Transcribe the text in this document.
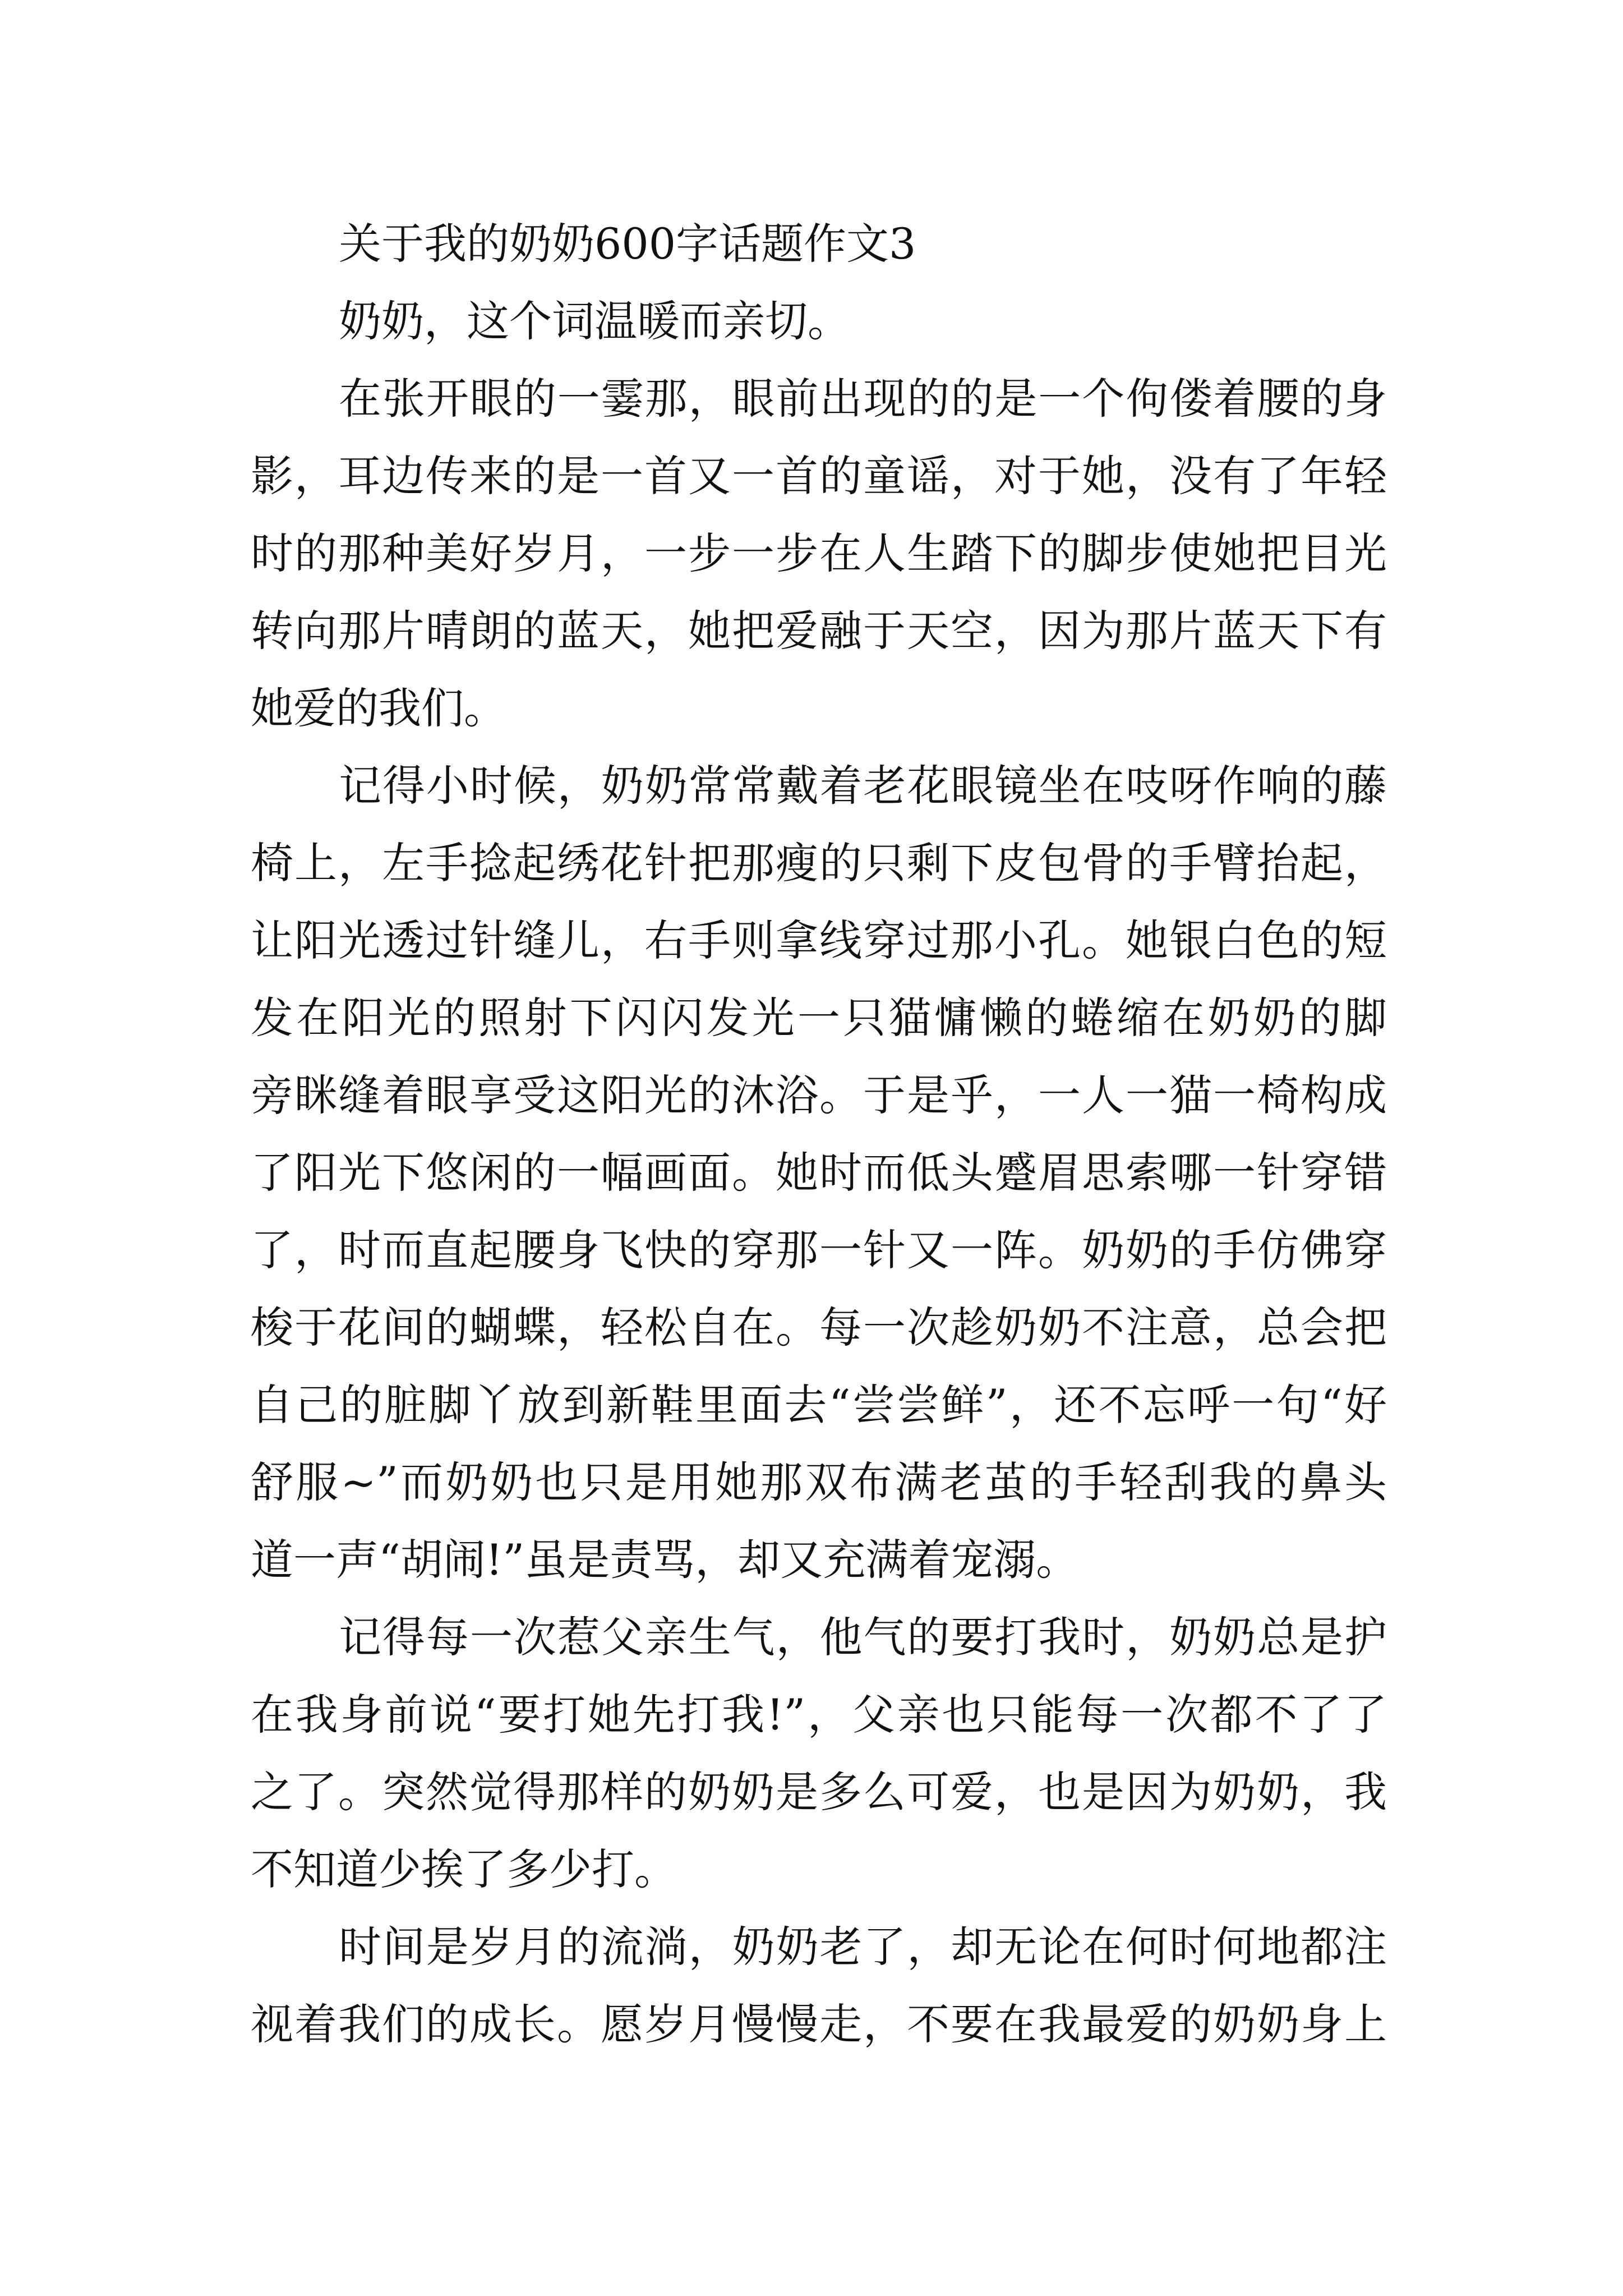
关于我的奶奶600字话题作文3

奶奶，这个词温暖而亲切。

在张开眼的一霎那，眼前出现的的是一个佝偻着腰的身
影，耳边传来的是一首又一首的童谣，对于她，没有了年轻
时的那种美好岁月，一步一步在人生踏下的脚步使她把目光
转向那片晴朗的蓝天，她把爱融于天空，因为那片蓝天下有
她爱的我们。

记得小时候，奶奶常常戴着老花眼镜坐在吱呀作响的藤
椅上，左手捻起绣花针把那瘦的只剩下皮包骨的手臂抬起，
让阳光透过针缝儿，右手则拿线穿过那小孔。她银白色的短
发在阳光的照射下闪闪发光一只猫慵懒的蜷缩在奶奶的脚
旁眯缝着眼享受这阳光的沐浴。于是乎，一人一猫一椅构成
了阳光下悠闲的一幅画面。她时而低头蹙眉思索哪一针穿错
了，时而直起腰身飞快的穿那一针又一阵。奶奶的手仿佛穿
梭于花间的蝴蝶，轻松自在。每一次趁奶奶不注意，总会把
自己的脏脚丫放到新鞋里面去“尝尝鲜”，还不忘呼一句“好
舒服~”而奶奶也只是用她那双布满老茧的手轻刮我的鼻头
道一声“胡闹!”虽是责骂，却又充满着宠溺。

记得每一次惹父亲生气，他气的要打我时，奶奶总是护
在我身前说“要打她先打我!”，父亲也只能每一次都不了了
之了。突然觉得那样的奶奶是多么可爱，也是因为奶奶，我
不知道少挨了多少打。

时间是岁月的流淌，奶奶老了，却无论在何时何地都注
视着我们的成长。愿岁月慢慢走，不要在我最爱的奶奶身上
